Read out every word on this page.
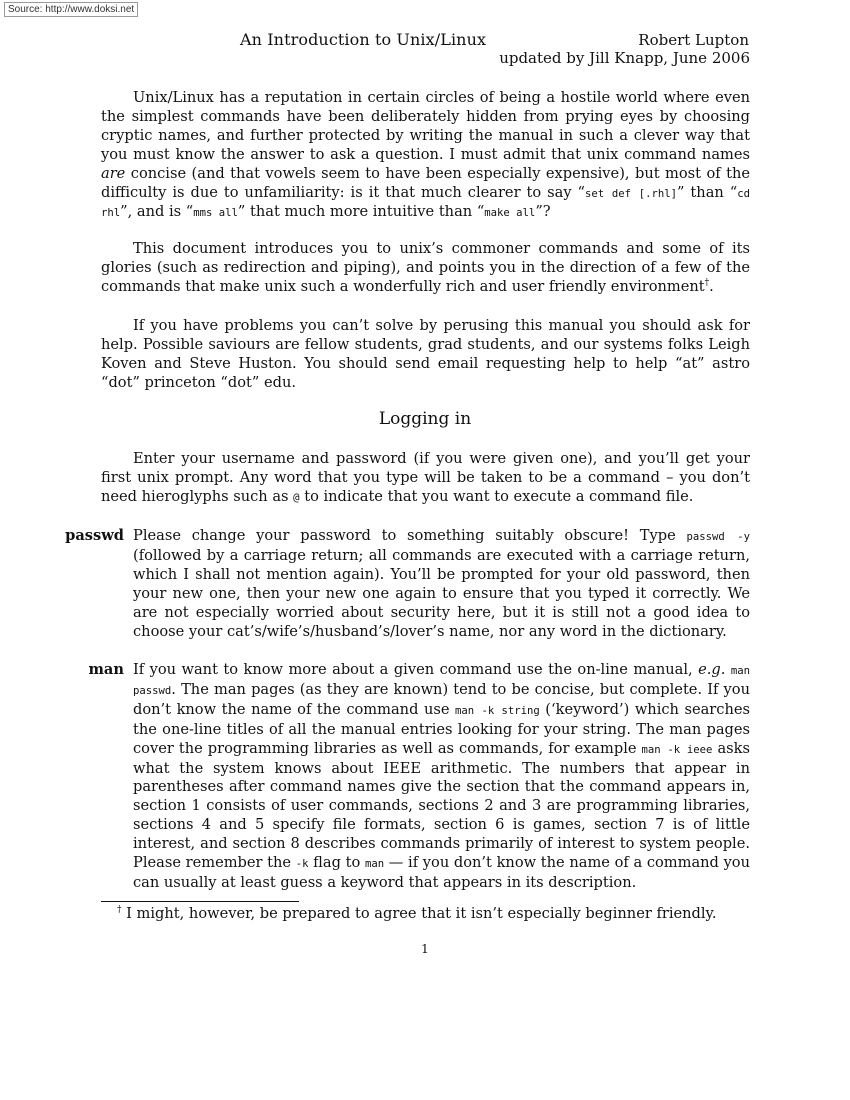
Source: http://www.doksi.net
An Introduction to Unix/Linux	Robert Lupton
updated by Jill Knapp, June 2006

Unix/Linux has a reputation in certain circles of being a hostile world where even the simplest commands have been deliberately hidden from prying eyes by choosing cryptic names, and further protected by writing the manual in such a clever way that you must know the answer to ask a question. I must admit that unix command names are concise (and that vowels seem to have been especially expensive), but most of the difficulty is due to unfamiliarity: is it that much clearer to say “set def [.rhl]” than “cd rhl”, and is “mms all” that much more intuitive than “make all”?

This document introduces you to unix’s commoner commands and some of its glories (such as redirection and piping), and points you in the direction of a few of the commands that make unix such a wonderfully rich and user friendly environment†.

If you have problems you can’t solve by perusing this manual you should ask for help. Possible saviours are fellow students, grad students, and our systems folks Leigh Koven and Steve Huston. You should send email requesting help to help “at” astro “dot” princeton “dot” edu.

Logging in

Enter your username and password (if you were given one), and you’ll get your first unix prompt. Any word that you type will be taken to be a command – you don’t need hieroglyphs such as @ to indicate that you want to execute a command file.

passwd Please change your password to something suitably obscure! Type passwd -y (followed by a carriage return; all commands are executed with a carriage return, which I shall not mention again). You’ll be prompted for your old password, then your new one, then your new one again to ensure that you typed it correctly. We are not especially worried about security here, but it is still not a good idea to choose your cat’s/wife’s/husband’s/lover’s name, nor any word in the dictionary.

man If you want to know more about a given command use the on-line manual, e.g. man passwd. The man pages (as they are known) tend to be concise, but complete. If you don’t know the name of the command use man -k string (‘keyword’) which searches the one-line titles of all the manual entries looking for your string. The man pages cover the programming libraries as well as commands, for example man -k ieee asks what the system knows about IEEE arithmetic. The numbers that appear in parentheses after command names give the section that the command appears in, section 1 consists of user commands, sections 2 and 3 are programming libraries, sections 4 and 5 specify file formats, section 6 is games, section 7 is of little interest, and section 8 describes commands primarily of interest to system people. Please remember the -k flag to man — if you don’t know the name of a command you can usually at least guess a keyword that appears in its description.

† I might, however, be prepared to agree that it isn’t especially beginner friendly.
1
